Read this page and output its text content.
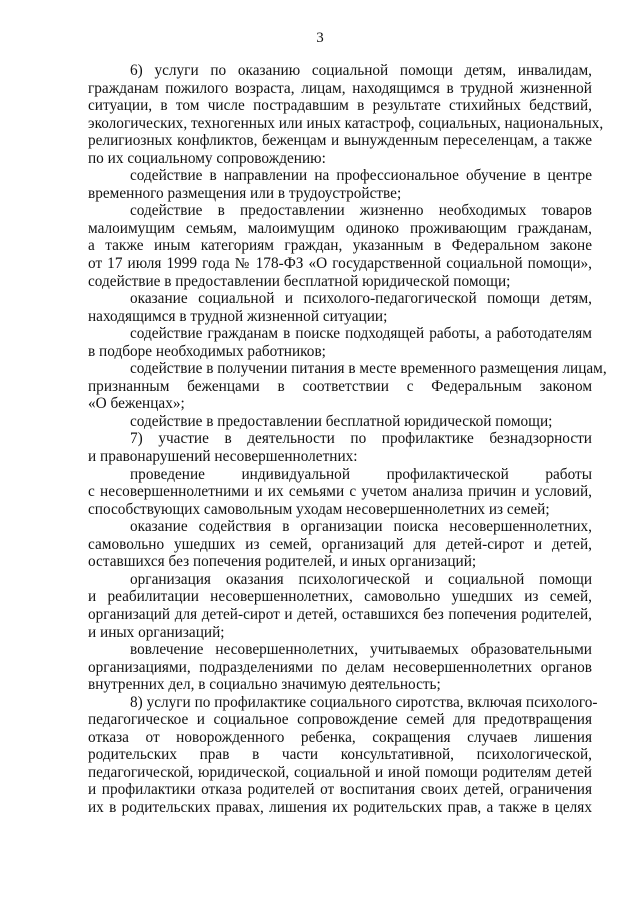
3

6) услуги по оказанию социальной помощи детям, инвалидам,
гражданам пожилого возраста, лицам, находящимся в трудной жизненной
ситуации, в том числе пострадавшим в результате стихийных бедствий,
экологических, техногенных или иных катастроф, социальных, национальных,
религиозных конфликтов, беженцам и вынужденным переселенцам, а также
по их социальному сопровождению:

содействие в направлении на профессиональное обучение в центре
временного размещения или в трудоустройстве;

содействие в предоставлении жизненно необходимых товаров
малоимущим семьям, малоимущим одиноко проживающим гражданам,
а также иным категориям граждан, указанным в Федеральном законе
от 17 июля 1999 года № 178-ФЗ «О государственной социальной помощи»,
содействие в предоставлении бесплатной юридической помощи;

оказание социальной и психолого-педагогической помощи детям,
находящимся в трудной жизненной ситуации;

содействие гражданам в поиске подходящей работы, а работодателям
в подборе необходимых работников;

содействие в получении питания в месте временного размещения лицам,
признанным беженцами в соответствии с Федеральным законом
«О беженцах»;

содействие в предоставлении бесплатной юридической помощи;

7) участие в деятельности по профилактике безнадзорности
и правонарушений несовершеннолетних:

проведение индивидуальной профилактической работы
с несовершеннолетними и их семьями с учетом анализа причин и условий,
способствующих самовольным уходам несовершеннолетних из семей;

оказание содействия в организации поиска несовершеннолетних,
самовольно ушедших из семей, организаций для детей-сирот и детей,
оставшихся без попечения родителей, и иных организаций;

организация оказания психологической и социальной помощи
и реабилитации несовершеннолетних, самовольно ушедших из семей,
организаций для детей-сирот и детей, оставшихся без попечения родителей,
и иных организаций;

вовлечение несовершеннолетних, учитываемых образовательными
организациями, подразделениями по делам несовершеннолетних органов
внутренних дел, в социально значимую деятельность;

8) услуги по профилактике социального сиротства, включая психолого-
педагогическое и социальное сопровождение семей для предотвращения
отказа от новорожденного ребенка, сокращения случаев лишения
родительских прав в части консультативной, психологической,
педагогической, юридической, социальной и иной помощи родителям детей
и профилактики отказа родителей от воспитания своих детей, ограничения
их в родительских правах, лишения их родительских прав, а также в целях
